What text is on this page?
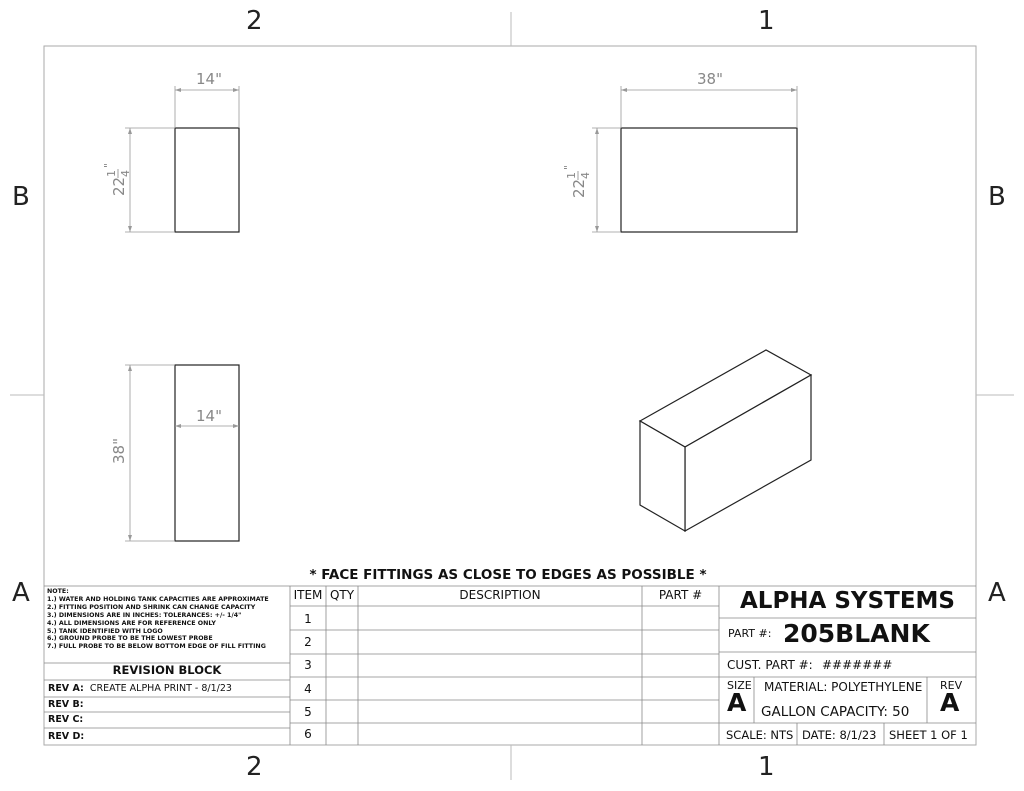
2	1
2	1
B	B
A	A
14"
22
1 4
"
38"
22
1 4
"
14"
38"
* FACE FITTINGS AS CLOSE TO EDGES AS POSSIBLE *
NOTE:
1.) WATER AND HOLDING TANK CAPACITIES ARE APPROXIMATE
2.) FITTING POSITION AND SHRINK CAN CHANGE CAPACITY
3.) DIMENSIONS ARE IN INCHES: TOLERANCES: +/- 1/4"
4.) ALL DIMENSIONS ARE FOR REFERENCE ONLY
5.) TANK IDENTIFIED WITH LOGO
6.) GROUND PROBE TO BE THE LOWEST PROBE
7.) FULL PROBE TO BE BELOW BOTTOM EDGE OF FILL FITTING
REVISION BLOCK
REV A: CREATE ALPHA PRINT - 8/1/23
REV B:
REV C:
REV D:
ITEM QTY	DESCRIPTION	PART #
1
2
3
4
5
6
ALPHA SYSTEMS
PART #: 205BLANK
CUST. PART #: #######
SIZE
A
MATERIAL: POLYETHYLENE
GALLON CAPACITY: 50
REV
A
SCALE: NTS DATE: 8/1/23 SHEET 1 OF 1
